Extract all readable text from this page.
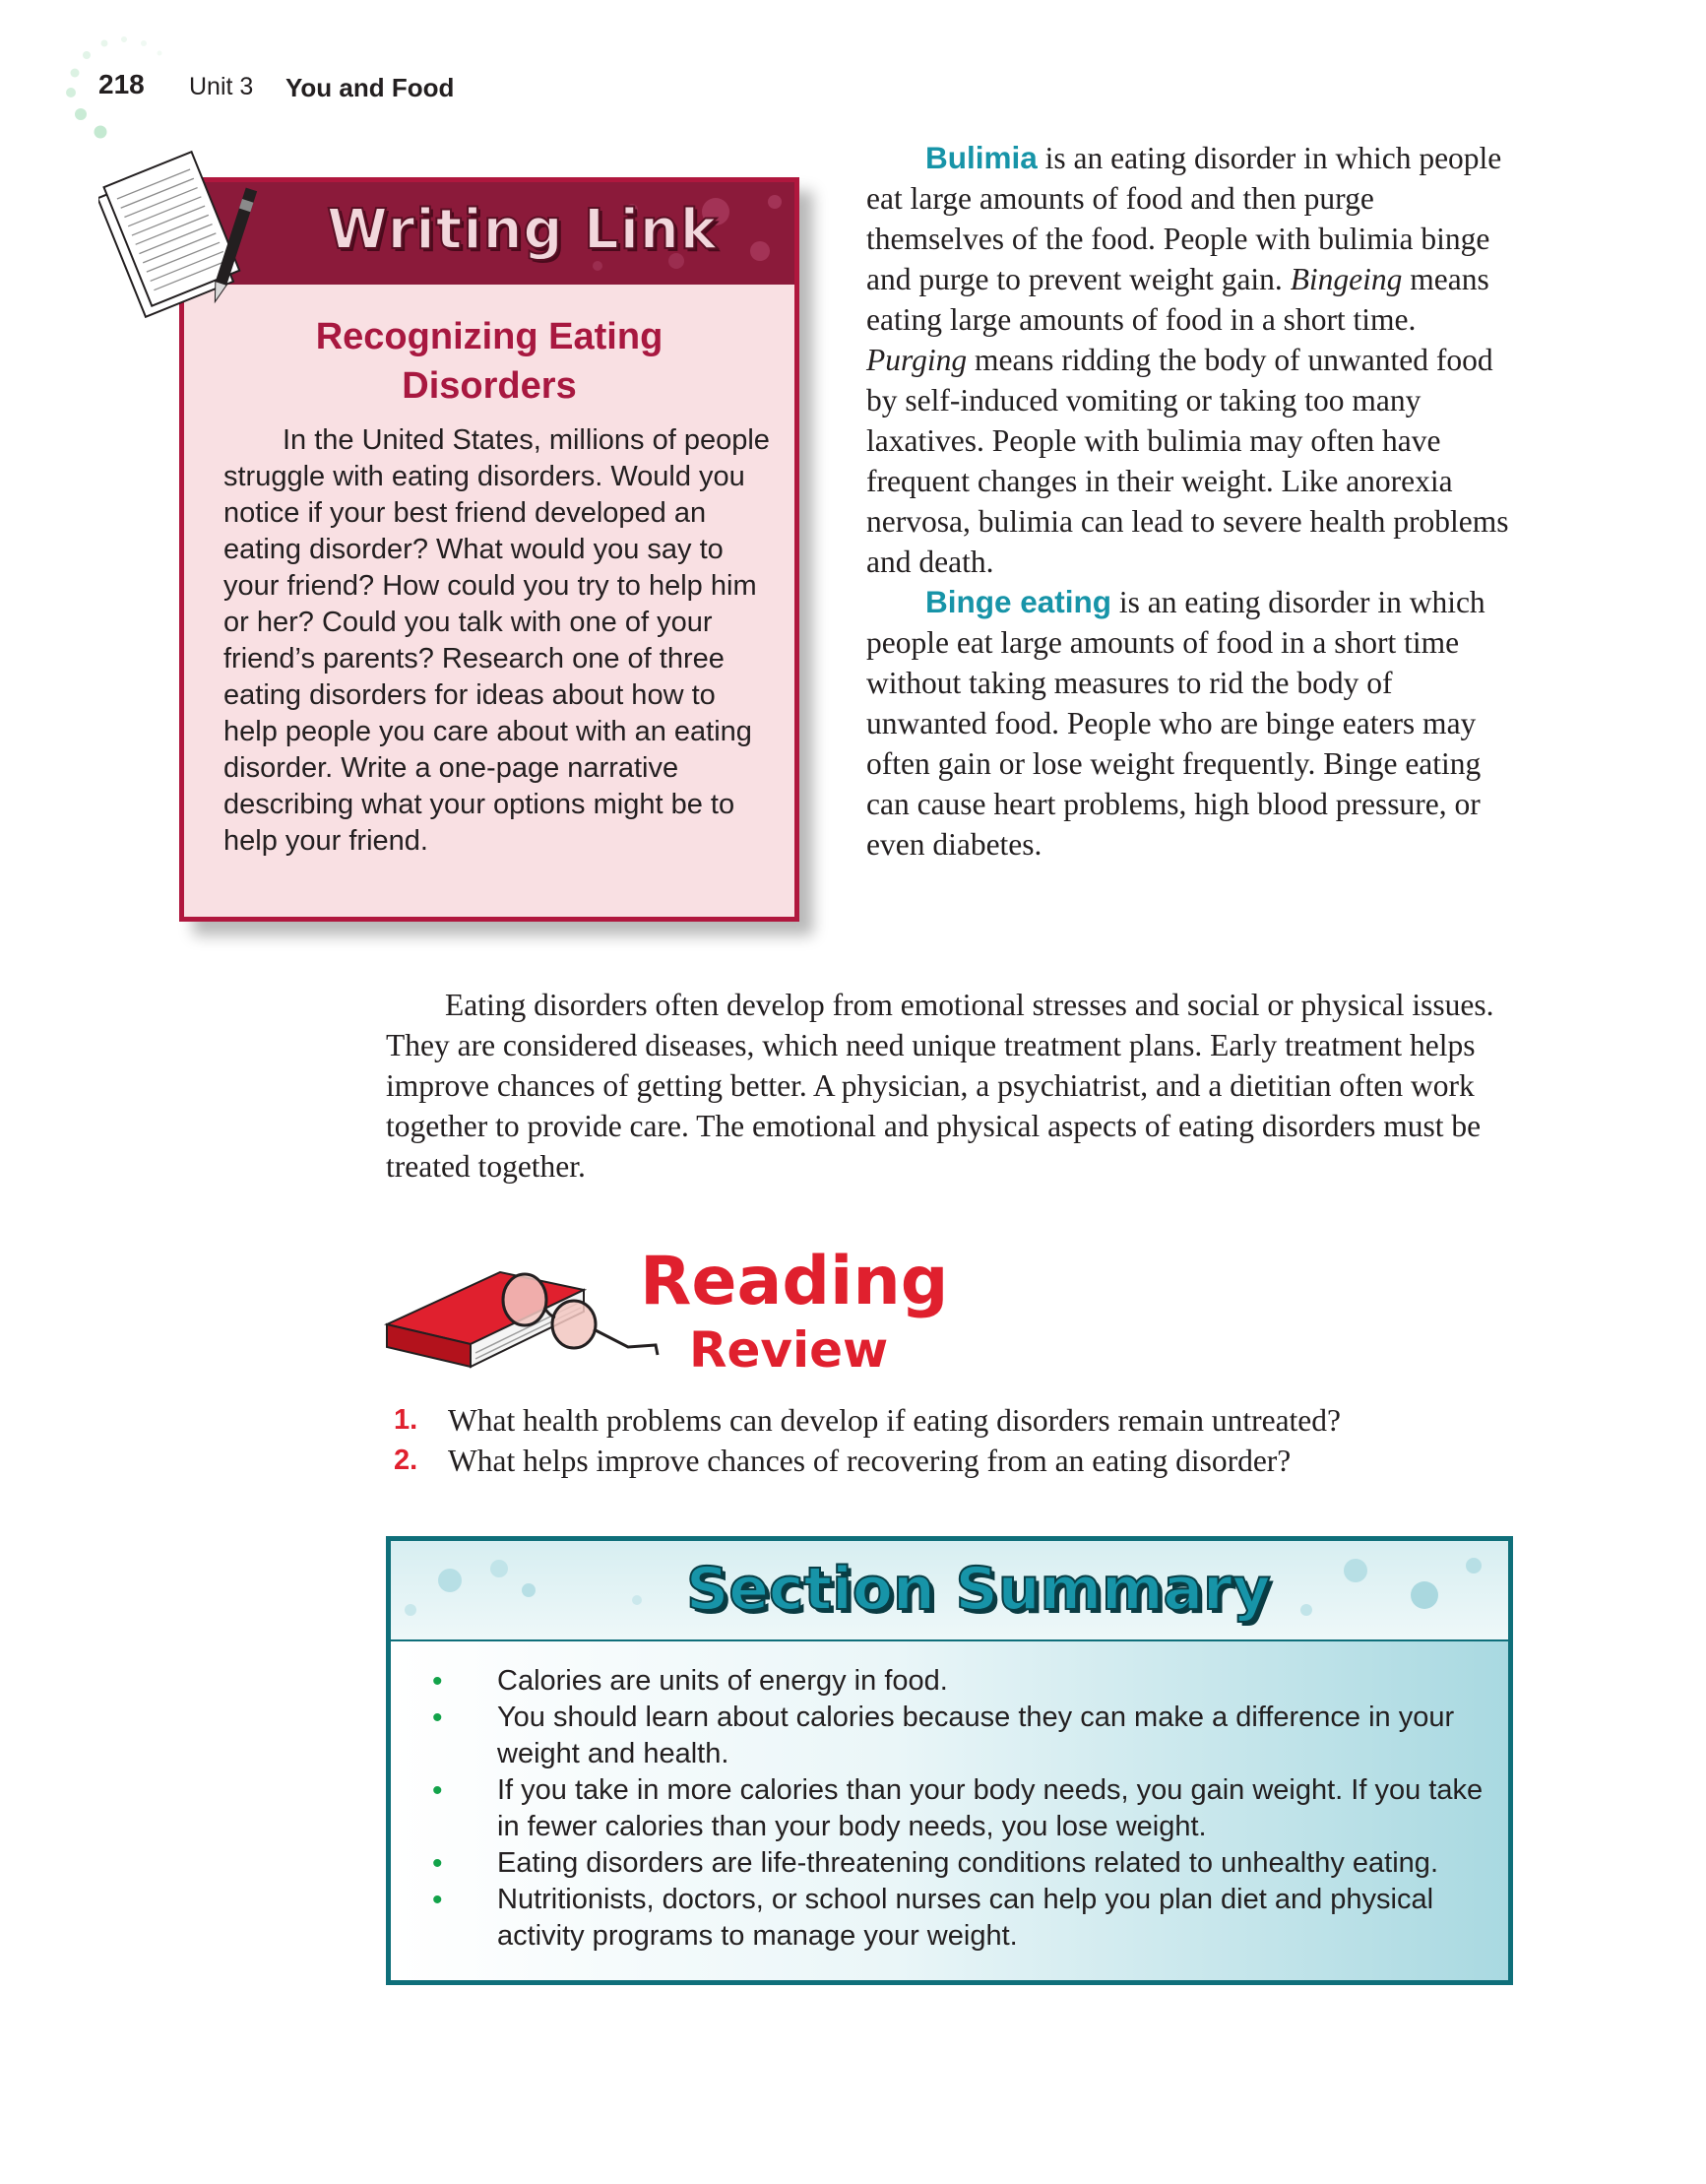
218 Unit 3 You and Food
Writing Link
Recognizing Eating Disorders

In the United States, millions of people struggle with eating disorders. Would you notice if your best friend developed an eating disorder? What would you say to your friend? How could you try to help him or her? Could you talk with one of your friend’s parents? Research one of three eating disorders for ideas about how to help people you care about with an eating disorder. Write a one-page narrative describing what your options might be to help your friend.

Bulimia is an eating disorder in which people eat large amounts of food and then purge themselves of the food. People with bulimia binge and purge to prevent weight gain. Bingeing means eating large amounts of food in a short time. Purging means ridding the body of unwanted food by self-induced vomiting or taking too many laxatives. People with bulimia may often have frequent changes in their weight. Like anorexia nervosa, bulimia can lead to severe health problems and death.

Binge eating is an eating disorder in which people eat large amounts of food in a short time without taking measures to rid the body of unwanted food. People who are binge eaters may often gain or lose weight frequently. Binge eating can cause heart problems, high blood pressure, or even diabetes.

Eating disorders often develop from emotional stresses and social or physical issues. They are considered diseases, which need unique treatment plans. Early treatment helps improve chances of getting better. A physician, a psychiatrist, and a dietitian often work together to provide care. The emotional and physical aspects of eating disorders must be treated together.

Reading
Review
1. What health problems can develop if eating disorders remain untreated?
2. What helps improve chances of recovering from an eating disorder?
Section Summary
•	Calories are units of energy in food.
•	You should learn about calories because they can make a difference in your weight and health.
•	If you take in more calories than your body needs, you gain weight. If you take in fewer calories than your body needs, you lose weight.
•	Eating disorders are life-threatening conditions related to unhealthy eating.
•	Nutritionists, doctors, or school nurses can help you plan diet and physical activity programs to manage your weight.
